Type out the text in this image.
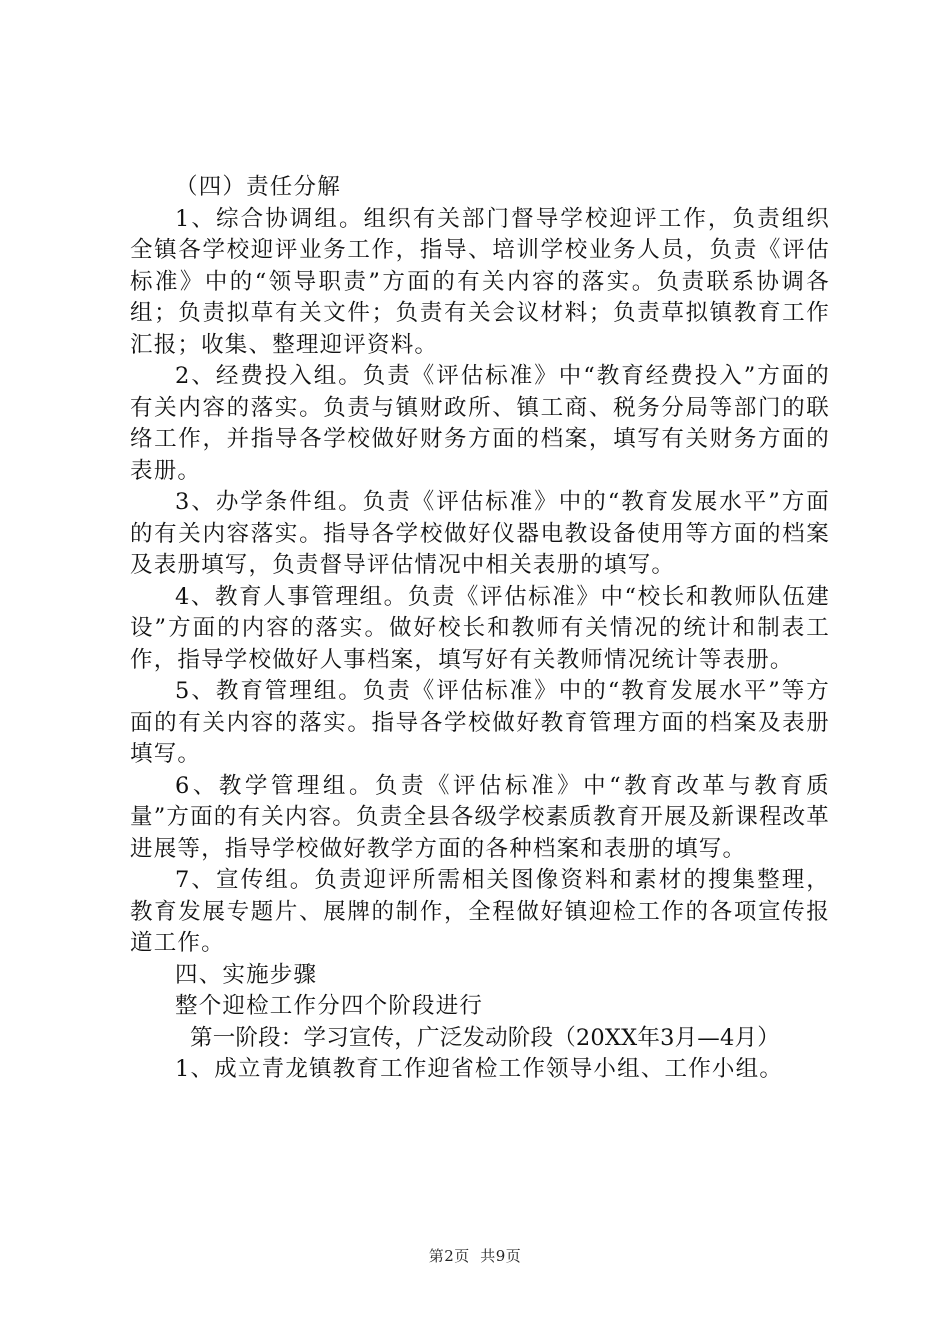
（四）责任分解

1、综合协调组。组织有关部门督导学校迎评工作，负责组织全镇各学校迎评业务工作，指导、培训学校业务人员，负责《评估标准》中的“领导职责”方面的有关内容的落实。负责联系协调各组；负责拟草有关文件；负责有关会议材料；负责草拟镇教育工作汇报；收集、整理迎评资料。

2、经费投入组。负责《评估标准》中“教育经费投入”方面的有关内容的落实。负责与镇财政所、镇工商、税务分局等部门的联络工作，并指导各学校做好财务方面的档案，填写有关财务方面的表册。

3、办学条件组。负责《评估标准》中的“教育发展水平”方面的有关内容落实。指导各学校做好仪器电教设备使用等方面的档案及表册填写，负责督导评估情况中相关表册的填写。

4、教育人事管理组。负责《评估标准》中“校长和教师队伍建设”方面的内容的落实。做好校长和教师有关情况的统计和制表工作，指导学校做好人事档案，填写好有关教师情况统计等表册。

5、教育管理组。负责《评估标准》中的“教育发展水平”等方面的有关内容的落实。指导各学校做好教育管理方面的档案及表册填写。

6、教学管理组。负责《评估标准》中“教育改革与教育质量”方面的有关内容。负责全县各级学校素质教育开展及新课程改革进展等，指导学校做好教学方面的各种档案和表册的填写。

7、宣传组。负责迎评所需相关图像资料和素材的搜集整理，教育发展专题片、展牌的制作，全程做好镇迎检工作的各项宣传报道工作。

四、实施步骤

整个迎检工作分四个阶段进行

第一阶段：学习宣传，广泛发动阶段（20XX年3月—4月）

1、成立青龙镇教育工作迎省检工作领导小组、工作小组。

第2页  共9页
